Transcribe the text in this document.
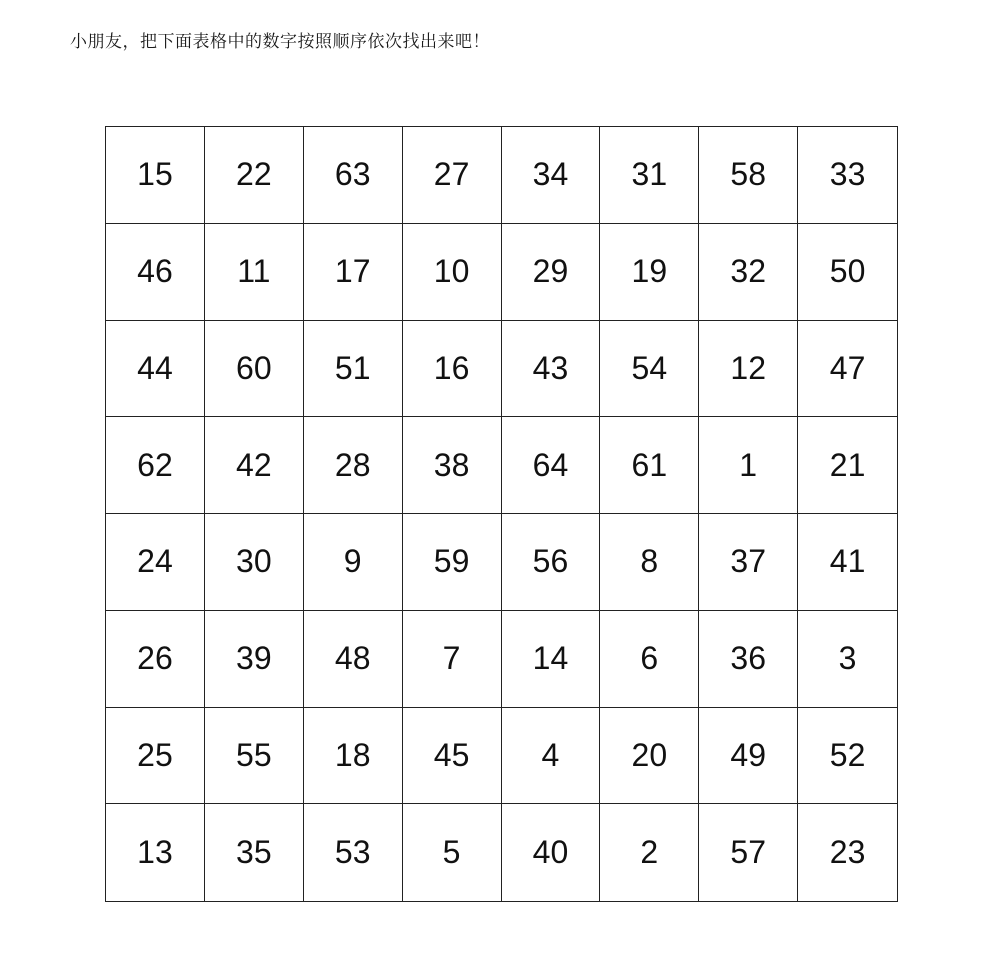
小朋友，把下面表格中的数字按照顺序依次找出来吧！
15	22	63	27	34	31	58	33
46	11	17	10	29	19	32	50
44	60	51	16	43	54	12	47
62	42	28	38	64	61	1	21
24	30	9	59	56	8	37	41
26	39	48	7	14	6	36	3
25	55	18	45	4	20	49	52
13	35	53	5	40	2	57	23
